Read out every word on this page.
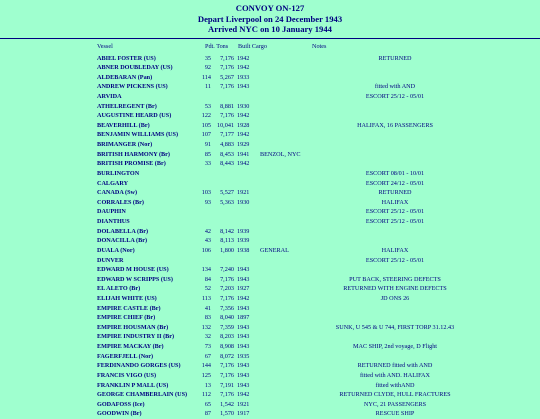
CONVOY ON-127
Depart Liverpool on 24 December 1943
Arrived NYC on 10 January 1944
Vessel	Pdt. Tons Built Cargo	Notes
ABIEL FOSTER (US)	35	7,176 1942	RETURNED
ABNER DOUBLEDAY (US)	92	7,176 1942
ALDEBARAN (Pan)	114	5,267 1933
ANDREW PICKENS (US)	11	7,176 1943	fitted with AND
ARVIDA	ESCORT 25/12 - 05/01
ATHELREGENT (Br)	53	8,881 1930
AUGUSTINE HEARD (US)	122	7,176 1942
BEAVERHILL (Br)	105 10,041 1928	HALIFAX, 16 PASSENGERS
BENJAMIN WILLIAMS (US)	107	7,177 1942
BRIMANGER (Nor)	91	4,883 1929
BRITISH HARMONY (Br)	85	8,453 1941 BENZOL, NYC
BRITISH PROMISE (Br)	33	8,443 1942
BURLINGTON	ESCORT 08/01 - 10/01
CALGARY	ESCORT 24/12 - 05/01
CANADA (Sw)	103	5,527 1921	RETURNED
CORRALES (Br)	93	5,363 1930	HALIFAX
DAUPHIN	ESCORT 25/12 - 05/01
DIANTHUS	ESCORT 25/12 - 05/01
DOLABELLA (Br)	42	8,142 1939
DONACILLA (Br)	43	8,113 1939
DUALA (Nor)	106	1,800 1938 GENERAL	HALIFAX
DUNVER	ESCORT 25/12 - 05/01
EDWARD M HOUSE (US)	134	7,240 1943
EDWARD W SCRIPPS (US)	84	7,176 1943	PUT BACK, STEERING DEFECTS
EL ALETO (Br)	52	7,203 1927	RETURNED WITH ENGINE DEFECTS
ELIJAH WHITE (US)	113	7,176 1942	JD ONS 26
EMPIRE CASTLE (Br)	41	7,356 1943
EMPIRE CHIEF (Br)	83	8,040 1897
EMPIRE HOUSMAN (Br)	132	7,359 1943	SUNK, U 545 & U 744, FIRST TORP 31.12.43
EMPIRE INDUSTRY II (Br)	32	8,203 1943
EMPIRE MACKAY (Br)	73	8,908 1943	MAC SHIP, 2nd voyage, D Flight
FAGERFJELL (Nor)	67	8,072 1935
FERDINANDO GORGES (US)	144	7,176 1943	RETURNED fitted with AND
FRANCIS VIGO (US)	125	7,176 1943	fitted with AND. HALIFAX
FRANKLIN P MALL (US)	13	7,191 1943	fitted withAND
GEORGE CHAMBERLAIN (US)	112	7,176 1942	RETURNED CLYDE, HULL FRACTURES
GODAFOSS (Ice)	65	1,542 1921	NYC, 21 PASSENGERS
GOODWIN (Br)	87	1,570 1917	RESCUE SHIP
